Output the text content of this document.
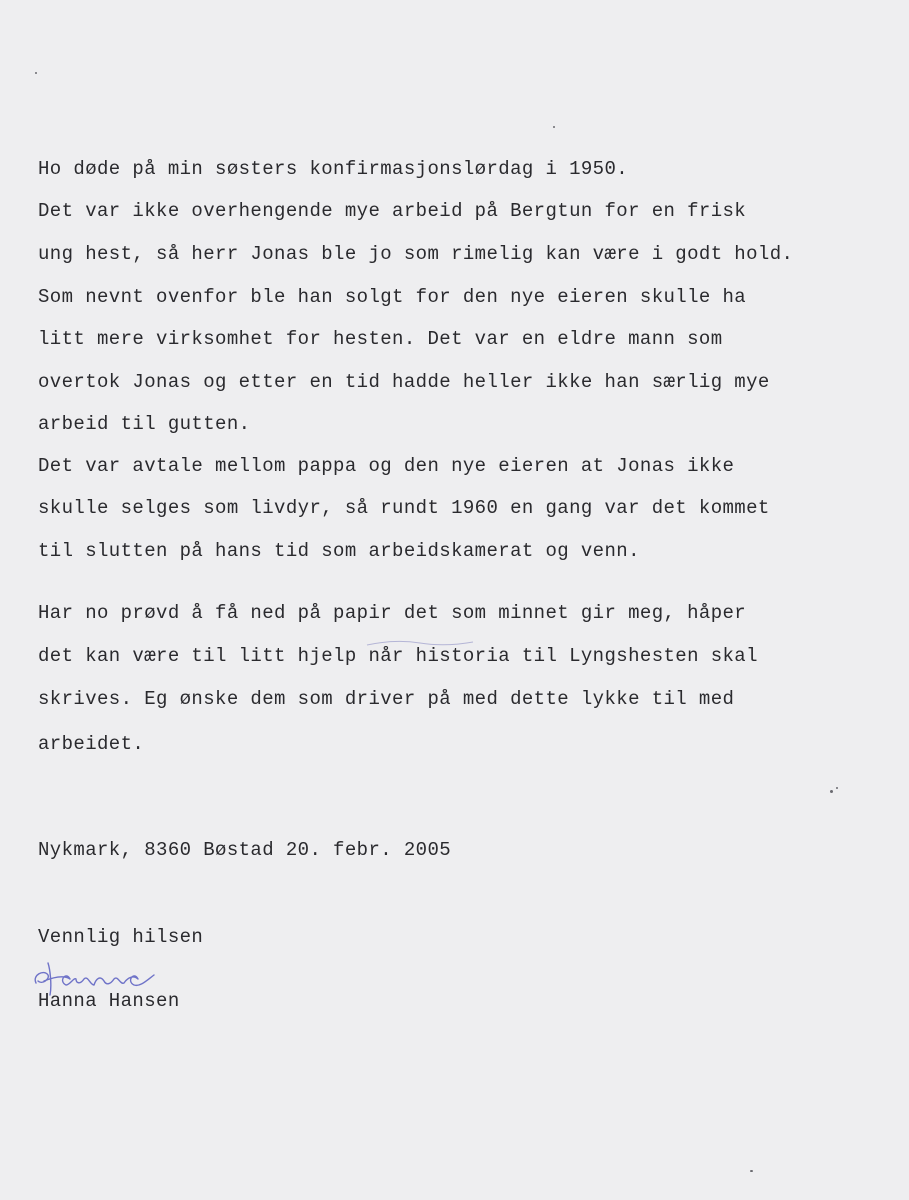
Ho døde på min søsters konfirmasjonslørdag i 1950.
Det var ikke overhengende mye arbeid på Bergtun for en frisk
ung hest, så herr Jonas ble jo som rimelig kan være i godt hold.
Som nevnt ovenfor ble han solgt for den nye eieren skulle ha
litt mere virksomhet for hesten. Det var en eldre mann som
overtok Jonas og etter en tid hadde heller ikke han særlig mye
arbeid til gutten.
Det var avtale mellom pappa og den nye eieren at Jonas ikke
skulle selges som livdyr, så rundt 1960 en gang var det kommet
til slutten på hans tid som arbeidskamerat og venn.
Har no prøvd å få ned på papir det som minnet gir meg, håper
det kan være til litt hjelp når historia til Lyngshesten skal
skrives. Eg ønske dem som driver på med dette lykke til med
arbeidet.
Nykmark, 8360 Bøstad 20. febr. 2005
Vennlig hilsen
Hanna Hansen
